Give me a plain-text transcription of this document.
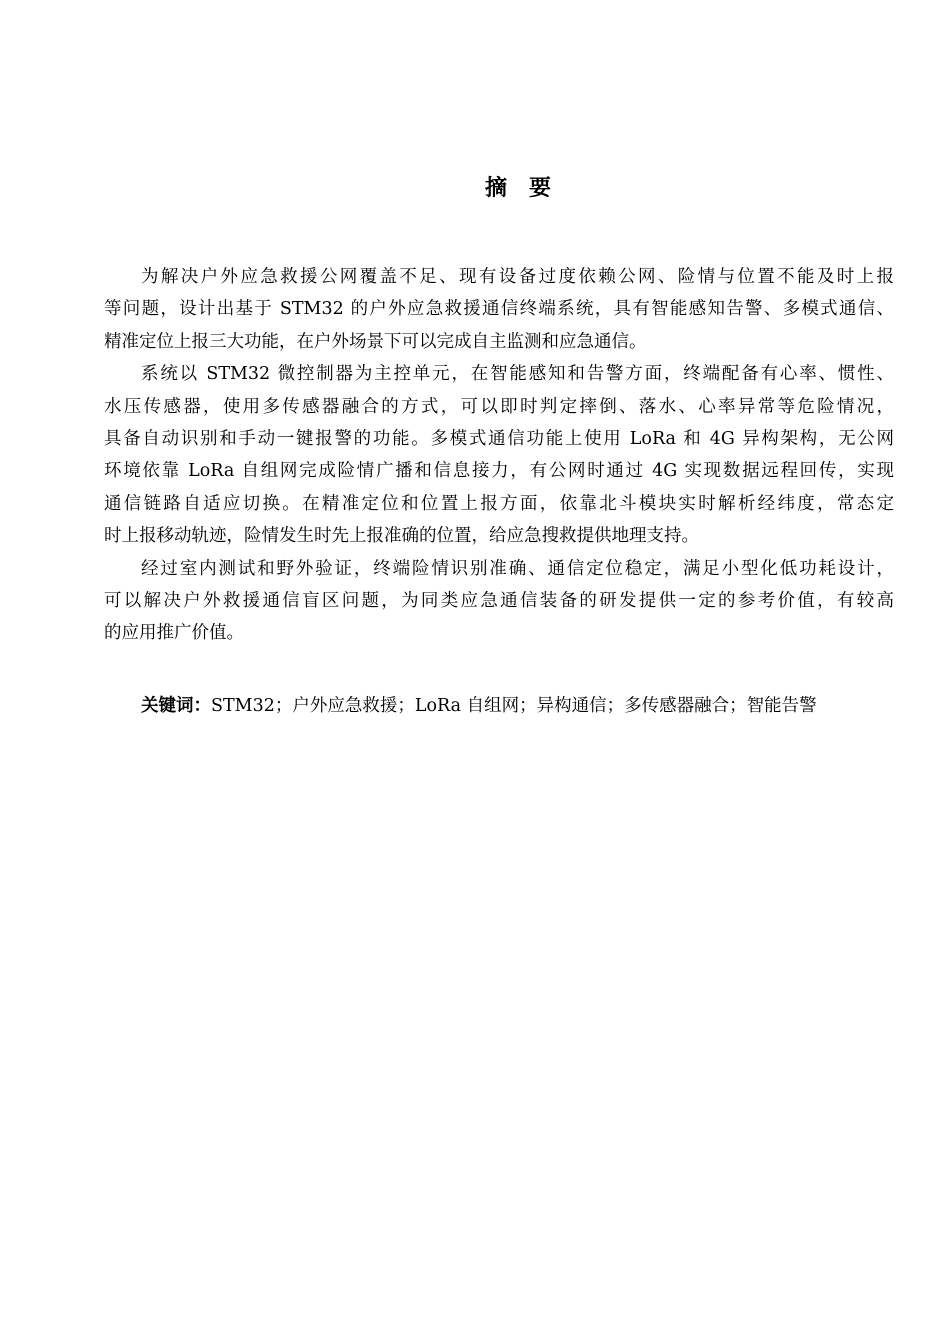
摘　要
为解决户外应急救援公网覆盖不足、现有设备过度依赖公网、险情与位置不能及时上报
等问题，设计出基于 STM32 的户外应急救援通信终端系统，具有智能感知告警、多模式通信、
精准定位上报三大功能，在户外场景下可以完成自主监测和应急通信。
系统以 STM32 微控制器为主控单元，在智能感知和告警方面，终端配备有心率、惯性、
水压传感器，使用多传感器融合的方式，可以即时判定摔倒、落水、心率异常等危险情况，
具备自动识别和手动一键报警的功能。多模式通信功能上使用 LoRa 和 4G 异构架构，无公网
环境依靠 LoRa 自组网完成险情广播和信息接力，有公网时通过 4G 实现数据远程回传，实现
通信链路自适应切换。在精准定位和位置上报方面，依靠北斗模块实时解析经纬度，常态定
时上报移动轨迹，险情发生时先上报准确的位置，给应急搜救提供地理支持。
经过室内测试和野外验证，终端险情识别准确、通信定位稳定，满足小型化低功耗设计，
可以解决户外救援通信盲区问题，为同类应急通信装备的研发提供一定的参考价值，有较高
的应用推广价值。
关键词：STM32；户外应急救援；LoRa 自组网；异构通信；多传感器融合；智能告警
